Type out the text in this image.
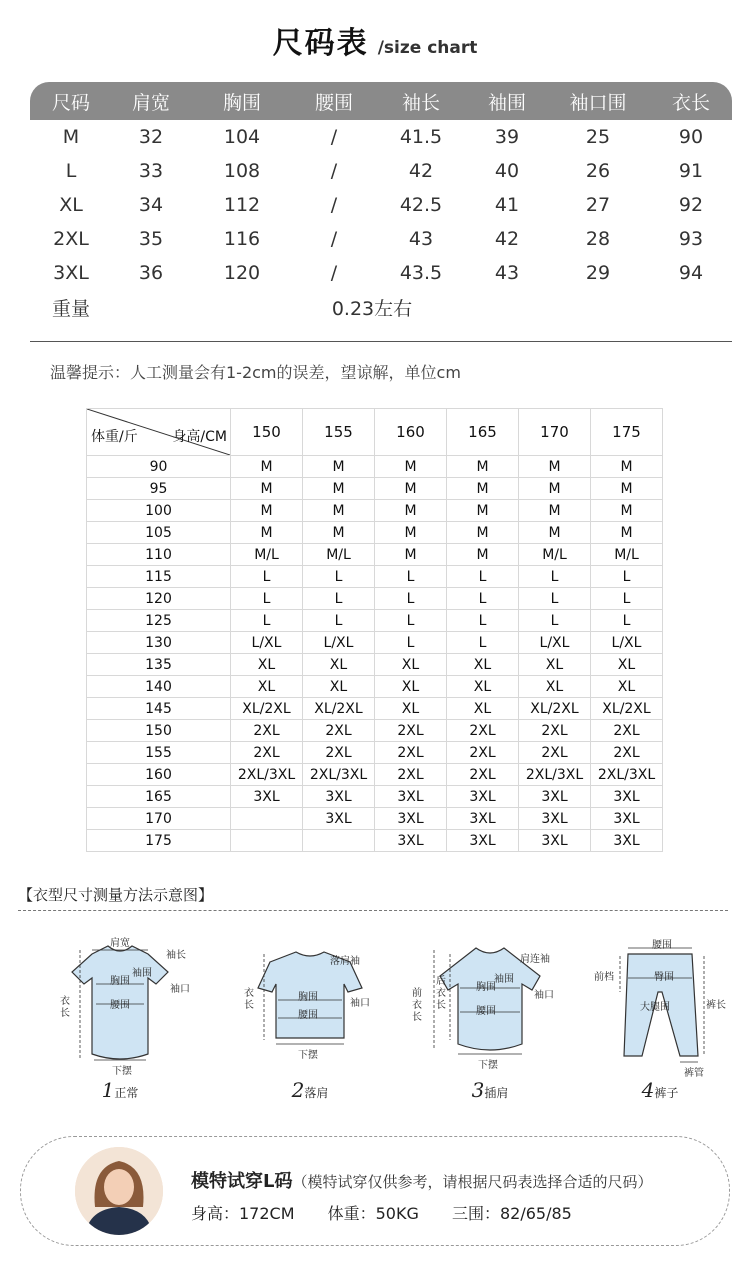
尺码表 /size chart
尺码	肩宽	胸围	腰围	袖长	袖围	袖口围	衣长
M	32	104	/	41.5	39	25	90
L	33	108	/	42	40	26	91
XL	34	112	/	42.5	41	27	92
2XL	35	116	/	43	42	28	93
3XL	36	120	/	43.5	43	29	94
重量	0.23左右
温馨提示：人工测量会有1-2cm的误差，望谅解，单位cm
体重/斤 身高/CM	150	155	160	165	170	175
90	M	M	M	M	M	M
95	M	M	M	M	M	M
100	M	M	M	M	M	M
105	M	M	M	M	M	M
110	M/L	M/L	M	M	M/L	M/L
115	L	L	L	L	L	L
120	L	L	L	L	L	L
125	L	L	L	L	L	L
130	L/XL	L/XL	L	L	L/XL	L/XL
135	XL	XL	XL	XL	XL	XL
140	XL	XL	XL	XL	XL	XL
145	XL/2XL	XL/2XL	XL	XL	XL/2XL	XL/2XL
150	2XL	2XL	2XL	2XL	2XL	2XL
155	2XL	2XL	2XL	2XL	2XL	2XL
160	2XL/3XL	2XL/3XL	2XL	2XL	2XL/3XL	2XL/3XL
165	3XL	3XL	3XL	3XL	3XL	3XL
170		3XL	3XL	3XL	3XL	3XL
175			3XL	3XL	3XL	3XL
【衣型尺寸测量方法示意图】
肩宽
袖长
袖围
胸围
袖口
腰围
下摆
衣长
1正常
落肩袖
胸围
袖口
腰围
下摆
衣长
2落肩
肩连袖
袖围
胸围
袖口
腰围
下摆
前衣长
后衣长
3插肩
腰围
前档	臀围
大腿围	裤长
裤管
4裤子
模特试穿L码（模特试穿仅供参考，请根据尺码表选择合适的尺码）
身高：172CM 体重：50KG 三围：82/65/85
